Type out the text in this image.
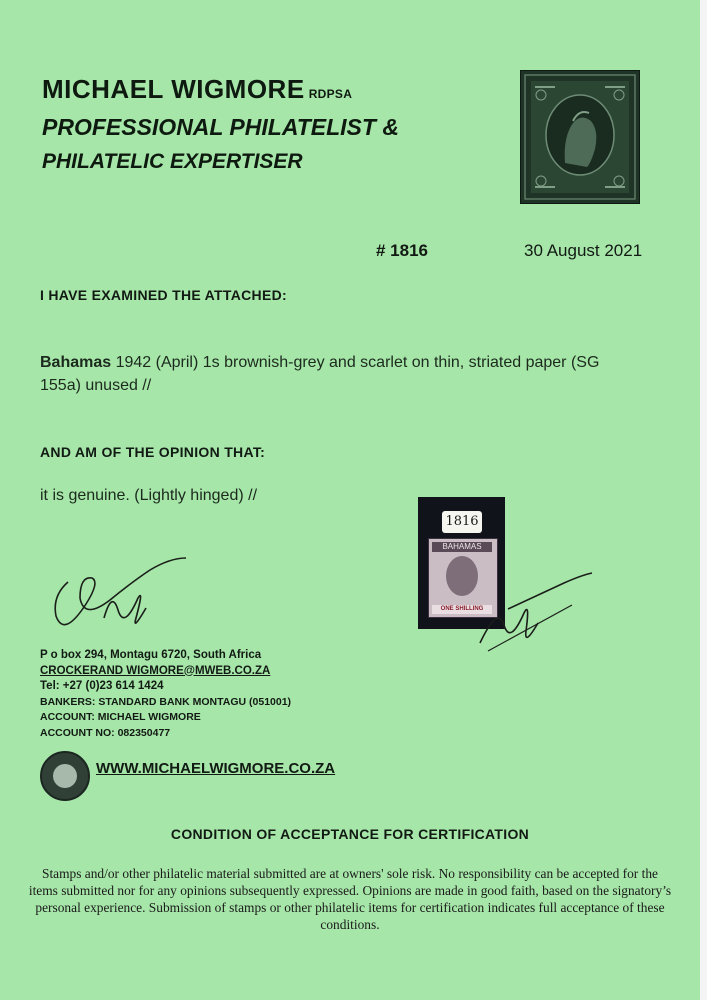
MICHAEL WIGMORE RDPSA
PROFESSIONAL PHILATELIST &
PHILATELIC EXPERTISER
# 1816	30 August 2021
I HAVE EXAMINED THE ATTACHED:
Bahamas 1942 (April) 1s brownish-grey and scarlet on thin, striated paper (SG 155a) unused //
AND AM OF THE OPINION THAT:
it is genuine. (Lightly hinged) //
1816
BAHAMAS
ONE SHILLING
P o box 294, Montagu 6720, South Africa
CROCKERAND WIGMORE@MWEB.CO.ZA
Tel: +27 (0)23 614 1424
BANKERS: STANDARD BANK MONTAGU (051001)
ACCOUNT: MICHAEL WIGMORE
ACCOUNT NO: 082350477
WWW.MICHAELWIGMORE.CO.ZA
CONDITION OF ACCEPTANCE FOR CERTIFICATION
Stamps and/or other philatelic material submitted are at owners' sole risk. No responsibility can be accepted for the items submitted nor for any opinions subsequently expressed. Opinions are made in good faith, based on the signatory’s personal experience. Submission of stamps or other philatelic items for certification indicates full acceptance of these conditions.
